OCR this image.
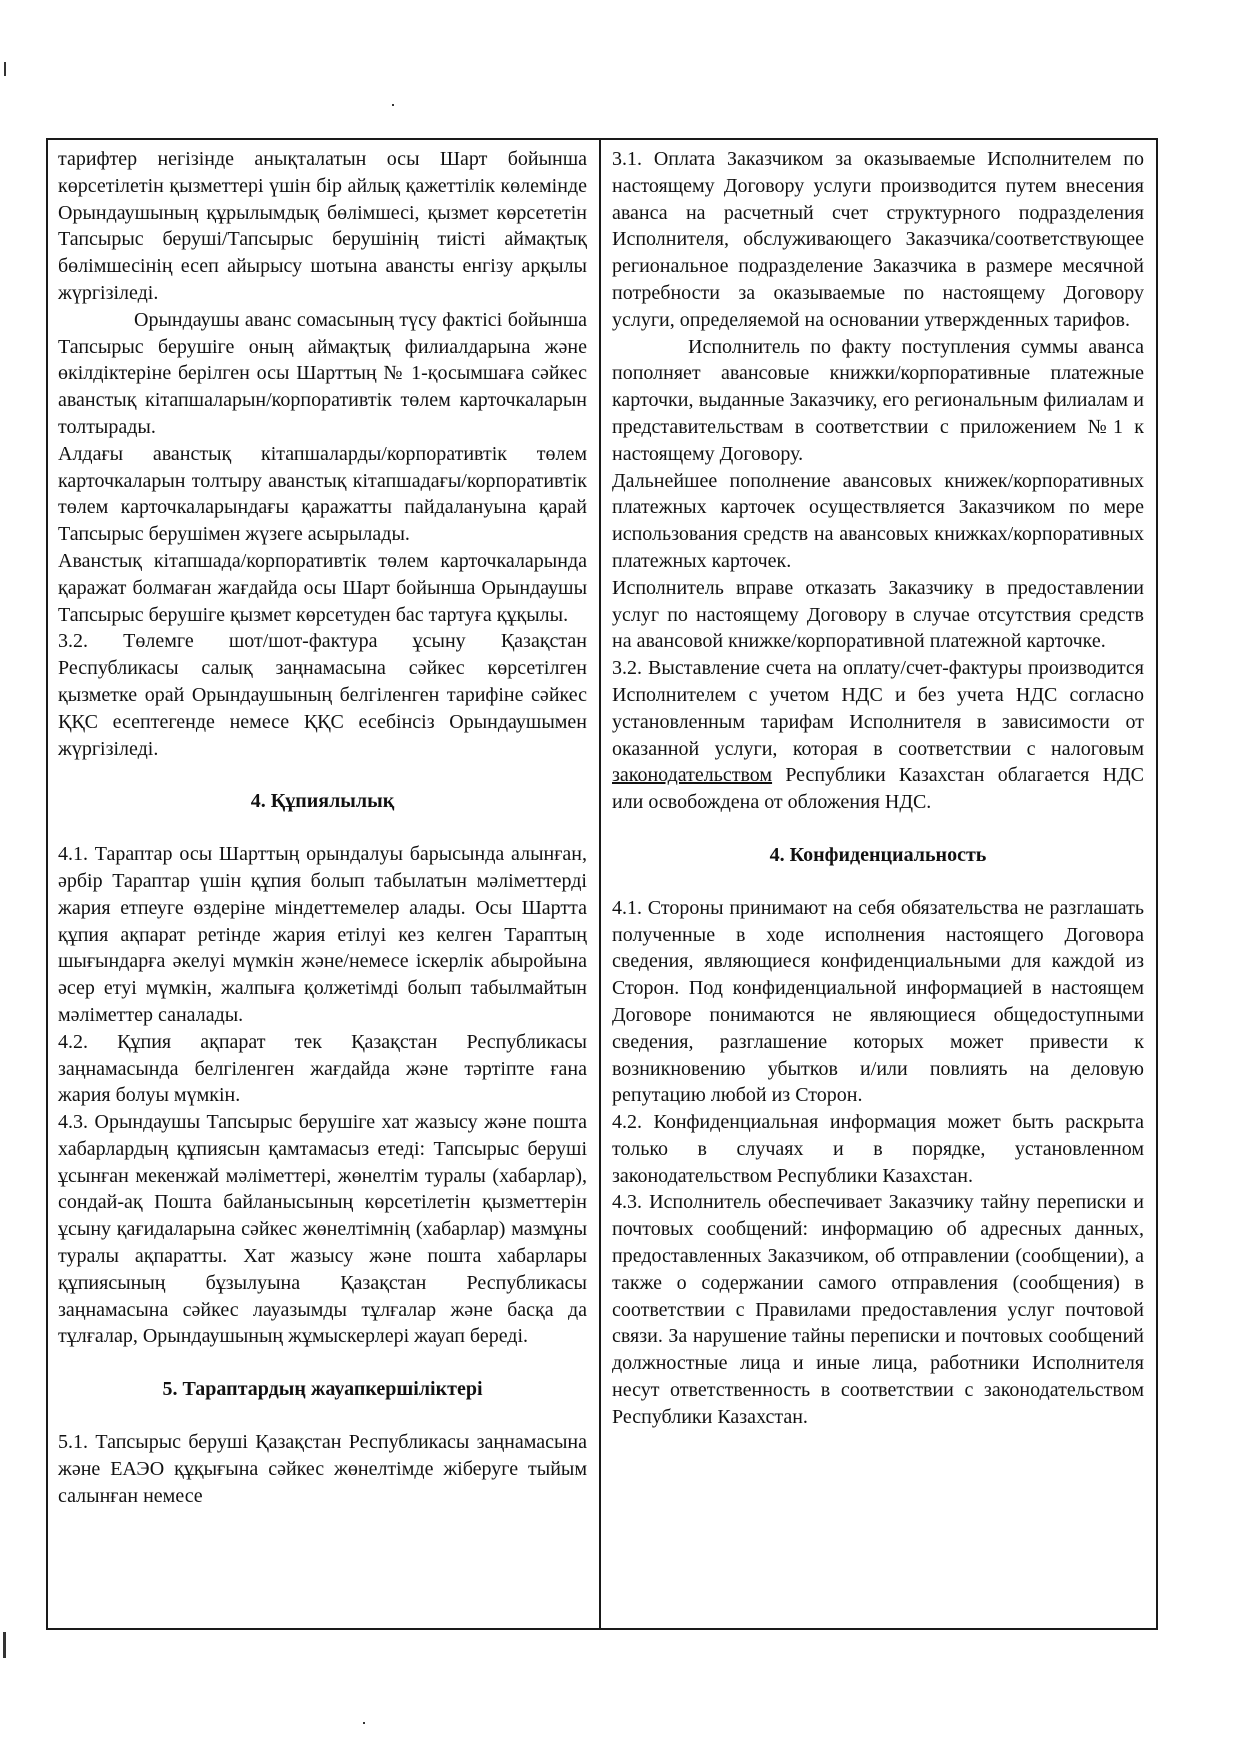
тарифтер негізінде анықталатын осы Шарт бойынша көрсетілетін қызметтері үшін бір айлық қажеттілік көлемінде Орындаушының құрылымдық бөлімшесі, қызмет көрсететін Тапсырыс беруші/Тапсырыс берушінің тиісті аймақтық бөлімшесінің есеп айырысу шотына авансты енгізу арқылы жүргізіледі.

Орындаушы аванс сомасының түсу фактісі бойынша Тапсырыс берушіге оның аймақтық филиалдарына және өкілдіктеріне берілген осы Шарттың № 1-қосымшаға сәйкес аванстық кітапшаларын/корпоративтік төлем карточкаларын толтырады.

Алдағы аванстық кітапшаларды/корпоративтік төлем карточкаларын толтыру аванстық кітапшадағы/корпоративтік төлем карточкаларындағы қаражатты пайдалануына қарай Тапсырыс берушімен жүзеге асырылады.

Аванстық кітапшада/корпоративтік төлем карточкаларында қаражат болмаған жағдайда осы Шарт бойынша Орындаушы Тапсырыс берушіге қызмет көрсетуден бас тартуға құқылы.

3.2. Төлемге шот/шот-фактура ұсыну Қазақстан Республикасы салық заңнамасына сәйкес көрсетілген қызметке орай Орындаушының белгіленген тарифіне сәйкес ҚҚС есептегенде немесе ҚҚС есебінсіз Орындаушымен жүргізіледі.

4. Құпиялылық

4.1. Тараптар осы Шарттың орындалуы барысында алынған, әрбір Тараптар үшін құпия болып табылатын мәліметтерді жария етпеуге өздеріне міндеттемелер алады. Осы Шартта құпия ақпарат ретінде жария етілуі кез келген Тараптың шығындарға әкелуі мүмкін және/немесе іскерлік абыройына әсер етуі мүмкін, жалпыға қолжетімді болып табылмайтын мәліметтер саналады.

4.2. Құпия ақпарат тек Қазақстан Республикасы заңнамасында белгіленген жағдайда және тәртіпте ғана жария болуы мүмкін.

4.3. Орындаушы Тапсырыс берушіге хат жазысу және пошта хабарлардың құпиясын қамтамасыз етеді: Тапсырыс беруші ұсынған мекенжай мәліметтері, жөнелтім туралы (хабарлар), сондай-ақ Пошта байланысының көрсетілетін қызметтерін ұсыну қағидаларына сәйкес жөнелтімнің (хабарлар) мазмұны туралы ақпаратты. Хат жазысу және пошта хабарлары құпиясының бұзылуына Қазақстан Республикасы заңнамасына сәйкес лауазымды тұлғалар және басқа да тұлғалар, Орындаушының жұмыскерлері жауап береді.

5. Тараптардың жауапкершіліктері

5.1. Тапсырыс беруші Қазақстан Республикасы заңнамасына және ЕАЭО құқығына сәйкес жөнелтімде жіберуге тыйым салынған немесе

3.1. Оплата Заказчиком за оказываемые Исполнителем по настоящему Договору услуги производится путем внесения аванса на расчетный счет структурного подразделения Исполнителя, обслуживающего Заказчика/соответствующее региональное подразделение Заказчика в размере месячной потребности за оказываемые по настоящему Договору услуги, определяемой на основании утвержденных тарифов.

Исполнитель по факту поступления суммы аванса пополняет авансовые книжки/корпоративные платежные карточки, выданные Заказчику, его региональным филиалам и представительствам в соответствии с приложением №1 к настоящему Договору.

Дальнейшее пополнение авансовых книжек/корпоративных платежных карточек осуществляется Заказчиком по мере использования средств на авансовых книжках/корпоративных платежных карточек.

Исполнитель вправе отказать Заказчику в предоставлении услуг по настоящему Договору в случае отсутствия средств на авансовой книжке/корпоративной платежной карточке.

3.2. Выставление счета на оплату/счет-фактуры производится Исполнителем с учетом НДС и без учета НДС согласно установленным тарифам Исполнителя в зависимости от оказанной услуги, которая в соответствии с налоговым законодательством Республики Казахстан облагается НДС или освобождена от обложения НДС.

4. Конфиденциальность

4.1. Стороны принимают на себя обязательства не разглашать полученные в ходе исполнения настоящего Договора сведения, являющиеся конфиденциальными для каждой из Сторон. Под конфиденциальной информацией в настоящем Договоре понимаются не являющиеся общедоступными сведения, разглашение которых может привести к возникновению убытков и/или повлиять на деловую репутацию любой из Сторон.

4.2. Конфиденциальная информация может быть раскрыта только в случаях и в порядке, установленном законодательством Республики Казахстан.

4.3. Исполнитель обеспечивает Заказчику тайну переписки и почтовых сообщений: информацию об адресных данных, предоставленных Заказчиком, об отправлении (сообщении), а также о содержании самого отправления (сообщения) в соответствии с Правилами предоставления услуг почтовой связи. За нарушение тайны переписки и почтовых сообщений должностные лица и иные лица, работники Исполнителя несут ответственность в соответствии с законодательством Республики Казахстан.
